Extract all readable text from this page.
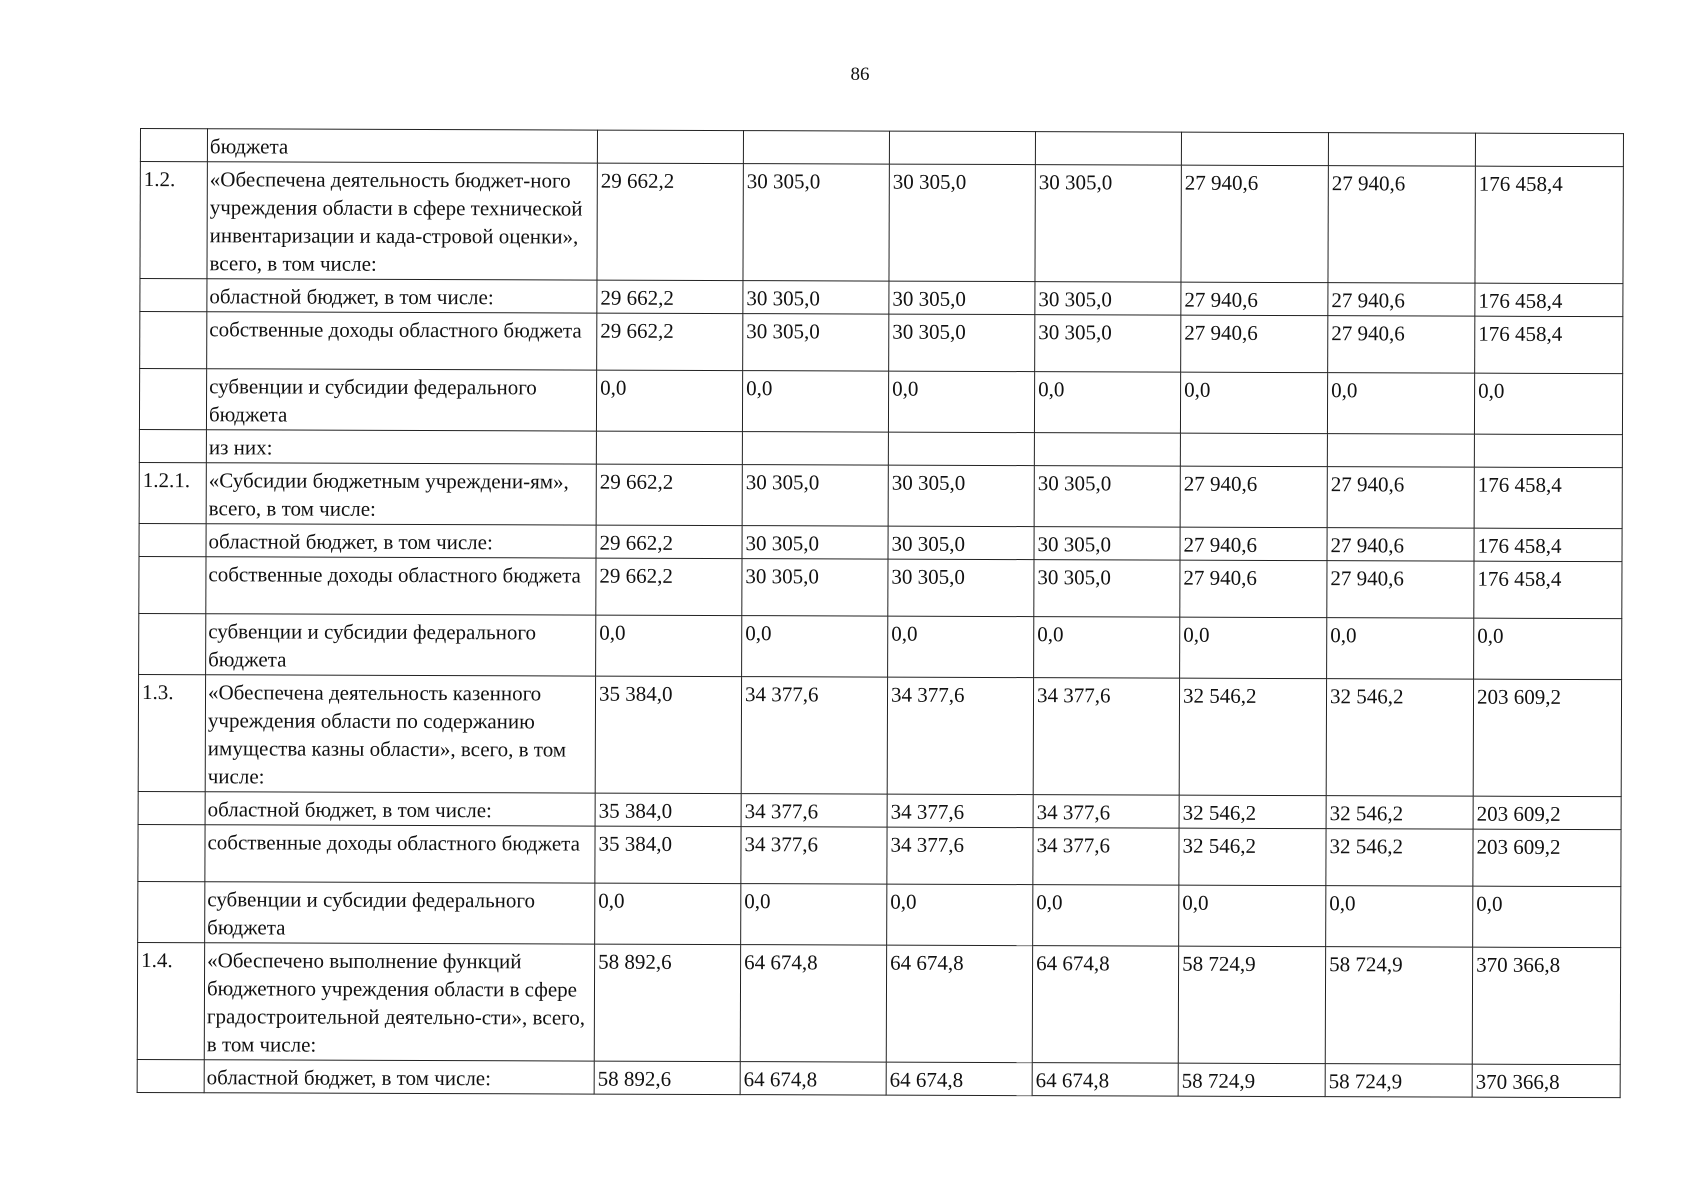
86
	бюджета							
1.2.	«Обеспечена деятельность бюджет-ного учреждения области в сфере технической инвентаризации и када-стровой оценки», всего, в том числе:	29 662,2	30 305,0	30 305,0	30 305,0	27 940,6	27 940,6	176 458,4
	областной бюджет, в том числе:	29 662,2	30 305,0	30 305,0	30 305,0	27 940,6	27 940,6	176 458,4
	собственные доходы областного бюджета	29 662,2	30 305,0	30 305,0	30 305,0	27 940,6	27 940,6	176 458,4
	субвенции и субсидии федерального бюджета	0,0	0,0	0,0	0,0	0,0	0,0	0,0
	из них:							
1.2.1.	«Субсидии бюджетным учреждени-ям», всего, в том числе:	29 662,2	30 305,0	30 305,0	30 305,0	27 940,6	27 940,6	176 458,4
	областной бюджет, в том числе:	29 662,2	30 305,0	30 305,0	30 305,0	27 940,6	27 940,6	176 458,4
	собственные доходы областного бюджета	29 662,2	30 305,0	30 305,0	30 305,0	27 940,6	27 940,6	176 458,4
	субвенции и субсидии федерального бюджета	0,0	0,0	0,0	0,0	0,0	0,0	0,0
1.3.	«Обеспечена деятельность казенного учреждения области по содержанию имущества казны области», всего, в том числе:	35 384,0	34 377,6	34 377,6	34 377,6	32 546,2	32 546,2	203 609,2
	областной бюджет, в том числе:	35 384,0	34 377,6	34 377,6	34 377,6	32 546,2	32 546,2	203 609,2
	собственные доходы областного бюджета	35 384,0	34 377,6	34 377,6	34 377,6	32 546,2	32 546,2	203 609,2
	субвенции и субсидии федерального бюджета	0,0	0,0	0,0	0,0	0,0	0,0	0,0
1.4.	«Обеспечено выполнение функций бюджетного учреждения области в сфере градостроительной деятельно-сти», всего, в том числе:	58 892,6	64 674,8	64 674,8	64 674,8	58 724,9	58 724,9	370 366,8
	областной бюджет, в том числе:	58 892,6	64 674,8	64 674,8	64 674,8	58 724,9	58 724,9	370 366,8
